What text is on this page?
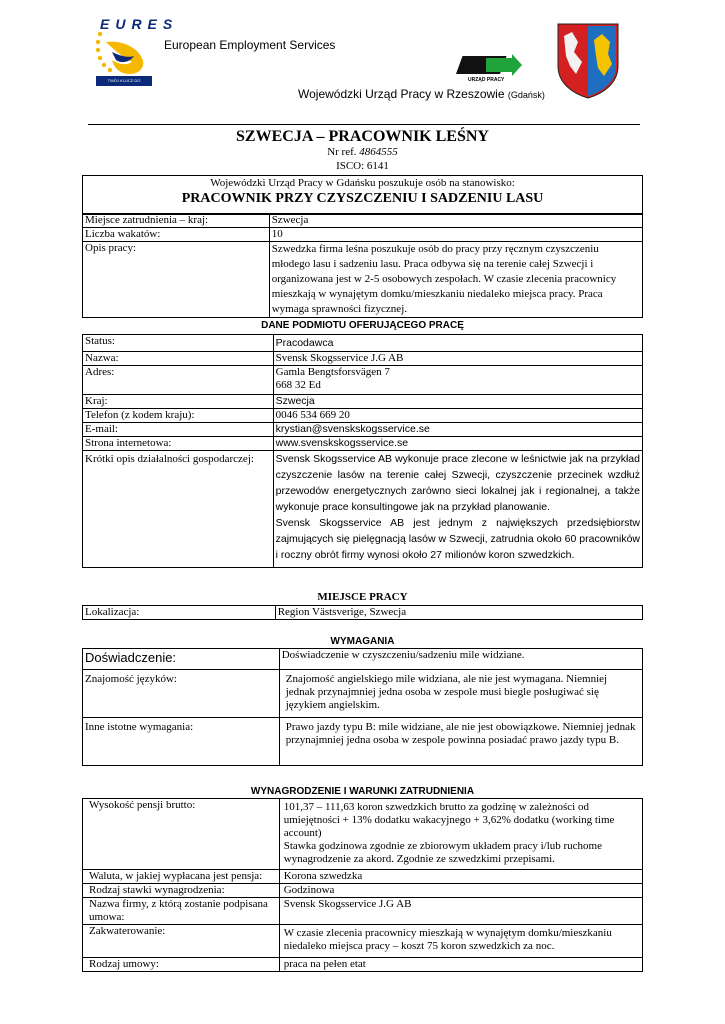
EURES
TWÓJ KLUCZ DO MOBILNOŚCI W EUROPIE
European Employment Services
URZĄD PRACY
Wojewódzki Urząd Pracy w Rzeszowie (Gdańsk)
SZWECJA – PRACOWNIK LEŚNY
Nr ref. 4864555
ISCO: 6141
Wojewódzki Urząd Pracy w Gdańsku poszukuje osób na stanowisko:
PRACOWNIK PRZY CZYSZCZENIU I SADZENIU LASU
Miejsce zatrudnienia – kraj:	Szwecja
Liczba wakatów:	10
Opis pracy:	Szwedzka firma leśna poszukuje osób do pracy przy ręcznym czyszczeniu młodego lasu i sadzeniu lasu. Praca odbywa się na terenie całej Szwecji i organizowana jest w 2-5 osobowych zespołach. W czasie zlecenia pracownicy mieszkają w wynajętym domku/mieszkaniu niedaleko miejsca pracy. Praca wymaga sprawności fizycznej.
DANE PODMIOTU OFERUJĄCEGO PRACĘ
Status:	Pracodawca
Nazwa:	Svensk Skogsservice J.G AB
Adres:	Gamla Bengtsforsvägen 7
668 32 Ed

Kraj:	Szwecja
Telefon (z kodem kraju):	0046 534 669 20
E-mail:	krystian@svenskskogsservice.se
Strona internetowa:	www.svenskskogsservice.se
Krótki opis działalności gospodarczej:	Svensk Skogsservice AB wykonuje prace zlecone w leśnictwie jak na przykład czyszczenie lasów na terenie całej Szwecji, czyszczenie przecinek wzdłuż przewodów energetycznych zarówno sieci lokalnej jak i regionalnej, a także wykonuje prace konsultingowe jak na przykład planowanie.
Svensk Skogsservice AB jest jednym z największych przedsiębiorstw zajmujących się pielęgnacją lasów w Szwecji, zatrudnia około 60 pracowników i roczny obrót firmy wynosi około 27 milionów koron szwedzkich.
MIEJSCE PRACY
Lokalizacja:	Region Västsverige, Szwecja
WYMAGANIA
Doświadczenie:	Doświadczenie w czyszczeniu/sadzeniu mile widziane.
Znajomość języków:	Znajomość angielskiego mile widziana, ale nie jest wymagana. Niemniej jednak przynajmniej jedna osoba w zespole musi biegle posługiwać się językiem angielskim.
Inne istotne wymagania:	Prawo jazdy typu B: mile widziane, ale nie jest obowiązkowe. Niemniej jednak przynajmniej jedna osoba w zespole powinna posiadać prawo jazdy typu B.
WYNAGRODZENIE I WARUNKI ZATRUDNIENIA
Wysokość pensji brutto:	101,37 – 111,63 koron szwedzkich brutto za godzinę w zależności od umiejętności + 13% dodatku wakacyjnego + 3,62% dodatku (working time account)
Stawka godzinowa zgodnie ze zbiorowym układem pracy i/lub ruchome wynagrodzenie za akord. Zgodnie ze szwedzkimi przepisami.

Waluta, w jakiej wypłacana jest pensja:	Korona szwedzka
Rodzaj stawki wynagrodzenia:	Godzinowa
Nazwa firmy, z którą zostanie podpisana umowa:	Svensk Skogsservice J.G AB
Zakwaterowanie:	W czasie zlecenia pracownicy mieszkają w wynajętym domku/mieszkaniu niedaleko miejsca pracy – koszt 75 koron szwedzkich za noc.
Rodzaj umowy:	praca na pełen etat
